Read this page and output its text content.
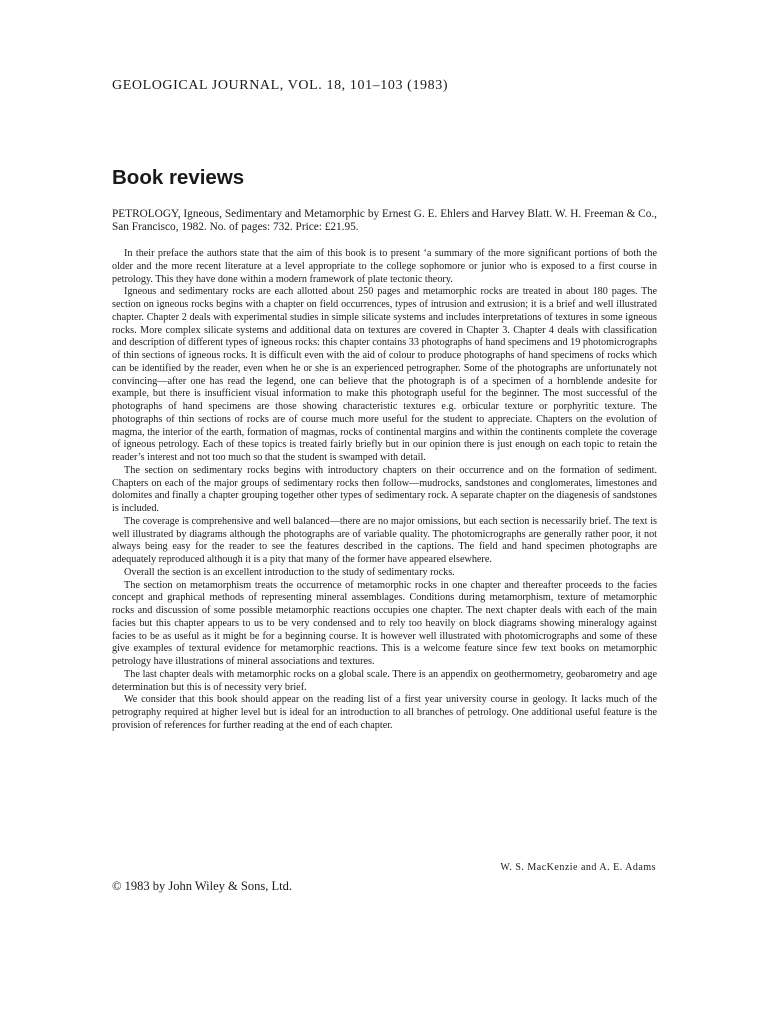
GEOLOGICAL JOURNAL, VOL. 18, 101–103 (1983)

Book reviews

PETROLOGY, Igneous, Sedimentary and Metamorphic by Ernest G. E. Ehlers and Harvey Blatt. W. H. Freeman & Co., San Francisco, 1982. No. of pages: 732. Price: £21.95.

In their preface the authors state that the aim of this book is to present ‘a summary of the more significant portions of both the older and the more recent literature at a level appropriate to the college sophomore or junior who is exposed to a first course in petrology. This they have done within a modern framework of plate tectonic theory.

Igneous and sedimentary rocks are each allotted about 250 pages and metamorphic rocks are treated in about 180 pages. The section on igneous rocks begins with a chapter on field occurrences, types of intrusion and extrusion; it is a brief and well illustrated chapter. Chapter 2 deals with experimental studies in simple silicate systems and includes interpretations of textures in some igneous rocks. More complex silicate systems and additional data on textures are covered in Chapter 3. Chapter 4 deals with classification and description of different types of igneous rocks: this chapter contains 33 photographs of hand specimens and 19 photomicrographs of thin sections of igneous rocks. It is difficult even with the aid of colour to produce photographs of hand specimens of rocks which can be identified by the reader, even when he or she is an experienced petrographer. Some of the photographs are unfortunately not convincing—after one has read the legend, one can believe that the photograph is of a specimen of a hornblende andesite for example, but there is insufficient visual information to make this photograph useful for the beginner. The most successful of the photographs of hand specimens are those showing characteristic textures e.g. orbicular texture or porphyritic texture. The photographs of thin sections of rocks are of course much more useful for the student to appreciate. Chapters on the evolution of magma, the interior of the earth, formation of magmas, rocks of continental margins and within the continents complete the coverage of igneous petrology. Each of these topics is treated fairly briefly but in our opinion there is just enough on each topic to retain the reader’s interest and not too much so that the student is swamped with detail.

The section on sedimentary rocks begins with introductory chapters on their occurrence and on the formation of sediment. Chapters on each of the major groups of sedimentary rocks then follow—mudrocks, sandstones and conglomerates, limestones and dolomites and finally a chapter grouping together other types of sedimentary rock. A separate chapter on the diagenesis of sandstones is included.

The coverage is comprehensive and well balanced—there are no major omissions, but each section is necessarily brief. The text is well illustrated by diagrams although the photographs are of variable quality. The photomicrographs are generally rather poor, it not always being easy for the reader to see the features described in the captions. The field and hand specimen photographs are adequately reproduced although it is a pity that many of the former have appeared elsewhere.

Overall the section is an excellent introduction to the study of sedimentary rocks.

The section on metamorphism treats the occurrence of metamorphic rocks in one chapter and thereafter proceeds to the facies concept and graphical methods of representing mineral assemblages. Conditions during metamorphism, texture of metamorphic rocks and discussion of some possible metamorphic reactions occupies one chapter. The next chapter deals with each of the main facies but this chapter appears to us to be very condensed and to rely too heavily on block diagrams showing mineralogy against facies to be as useful as it might be for a beginning course. It is however well illustrated with photomicrographs and some of these give examples of textural evidence for metamorphic reactions. This is a welcome feature since few text books on metamorphic petrology have illustrations of mineral associations and textures.

The last chapter deals with metamorphic rocks on a global scale. There is an appendix on geothermometry, geobarometry and age determination but this is of necessity very brief.

We consider that this book should appear on the reading list of a first year university course in geology. It lacks much of the petrography required at higher level but is ideal for an introduction to all branches of petrology. One additional useful feature is the provision of references for further reading at the end of each chapter.

W. S. MacKenzie and A. E. Adams

© 1983 by John Wiley & Sons, Ltd.
